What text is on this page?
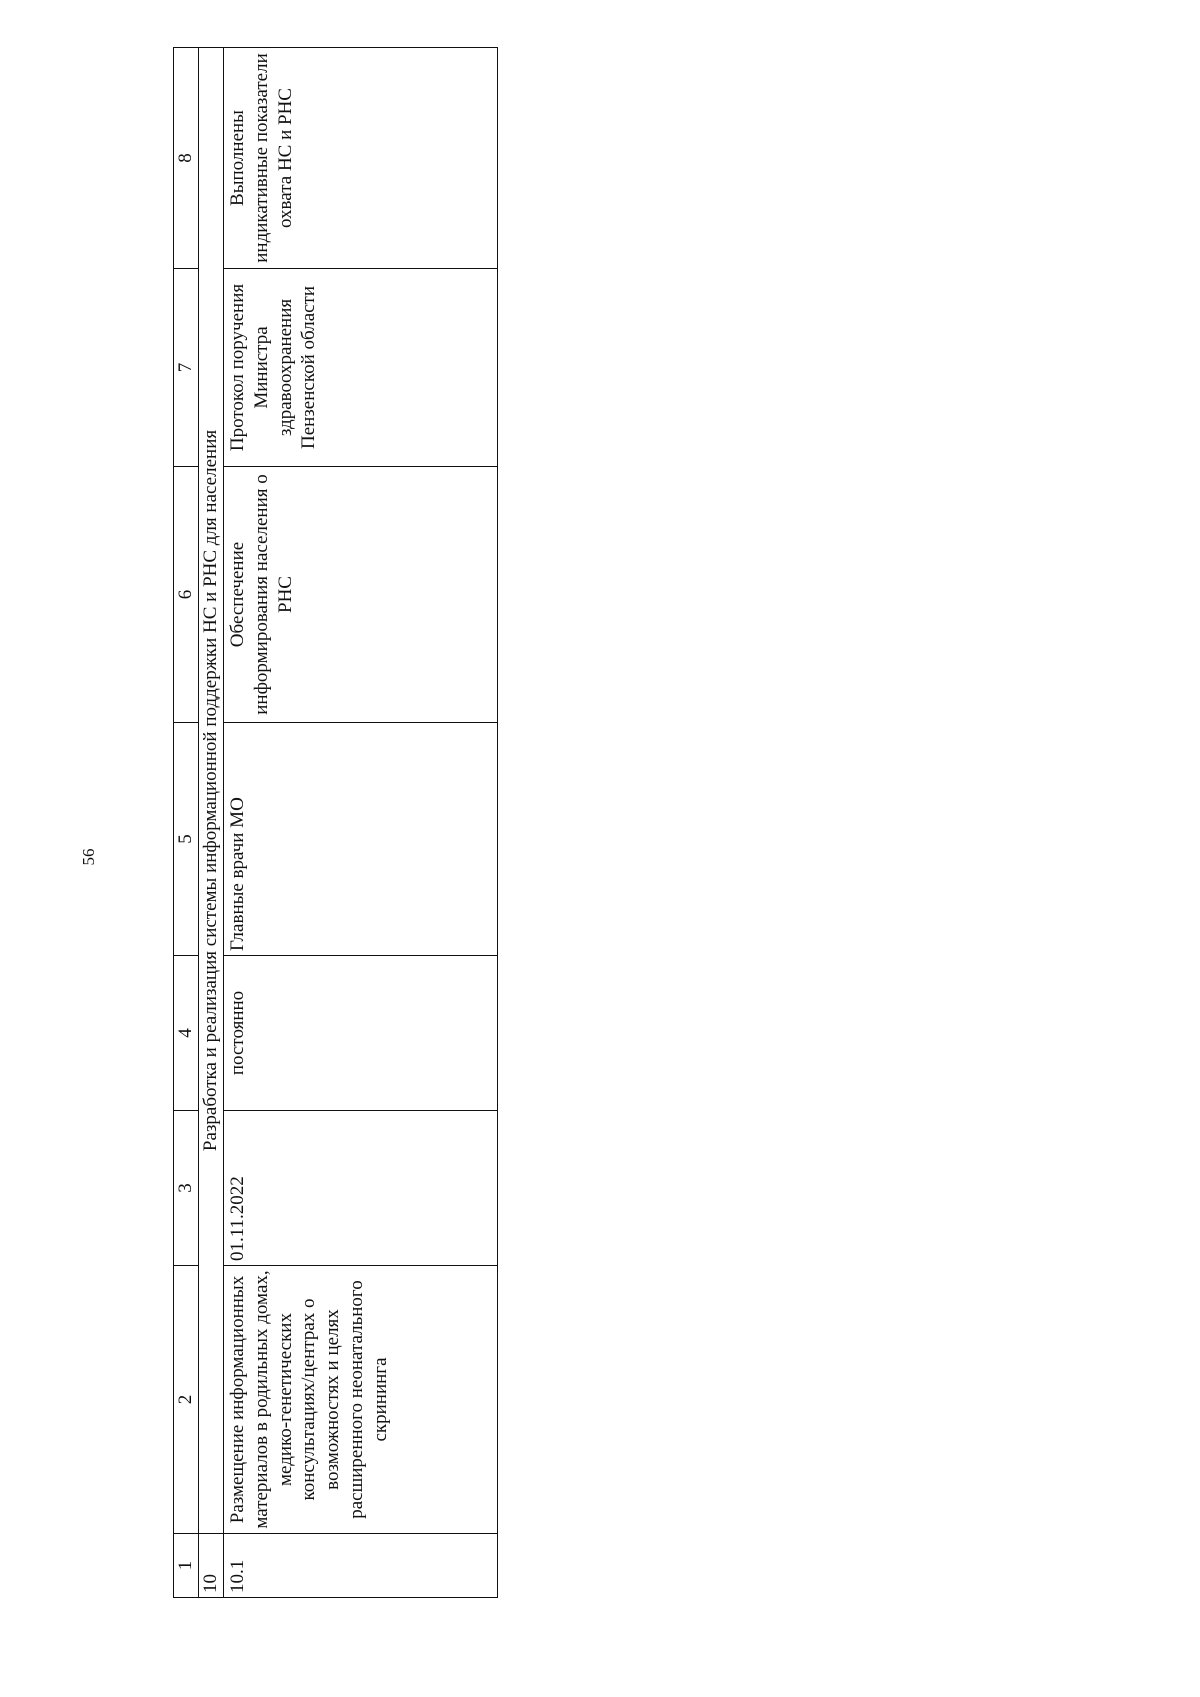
56
1	2	3	4	5	6	7	8
10	Разработка и реализация системы информационной поддержки НС и РНС для населения						
10.1	Размещение информационных материалов в родильных домах, медико-генетических консультациях/центрах о возможностях и целях расширенного неонатального скрининга	01.11.2022	постоянно	Главные врачи МО	Обеспечение информирования населения о РНС	Протокол поручения Министра здравоохранения Пензенской области	Выполнены индикативные показатели охвата НС и РНС
